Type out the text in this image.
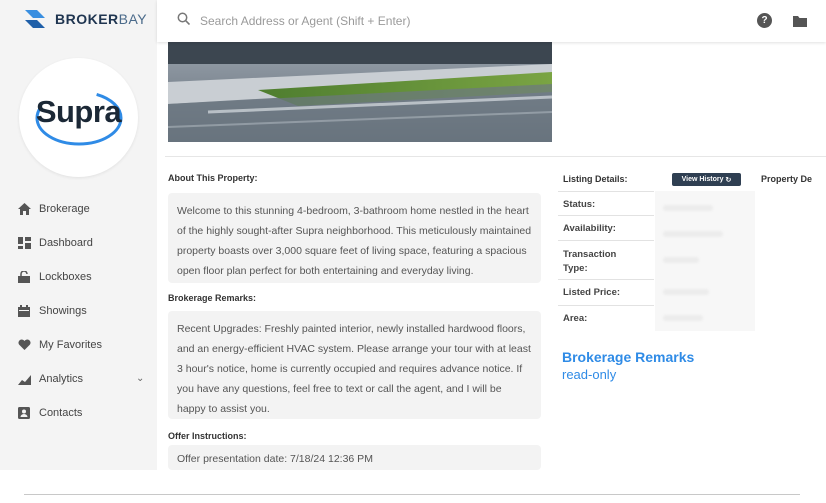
BROKERBAY
Supra
Brokerage
Dashboard
Lockboxes
Showings
My Favorites
Analytics	⌄
Contacts
Search Address or Agent (Shift + Enter)	?
About This Property:
Welcome to this stunning 4-bedroom, 3-bathroom home nestled in the heart of the highly sought-after Supra neighborhood. This meticulously maintained property boasts over 3,000 square feet of living space, featuring a spacious open floor plan perfect for both entertaining and everyday living.
Brokerage Remarks:
Recent Upgrades: Freshly painted interior, newly installed hardwood floors, and an energy-efficient HVAC system. Please arrange your tour with at least 3 hour's notice, home is currently occupied and requires advance notice. If you have any questions, feel free to text or call the agent, and I will be happy to assist you.
Offer Instructions:
Offer presentation date: 7/18/24 12:36 PM
Listing Details:	View History ↻	Property De
Status:
Availability:
Transaction Type:
Listed Price:
Area:
Brokerage Remarks
read-only
